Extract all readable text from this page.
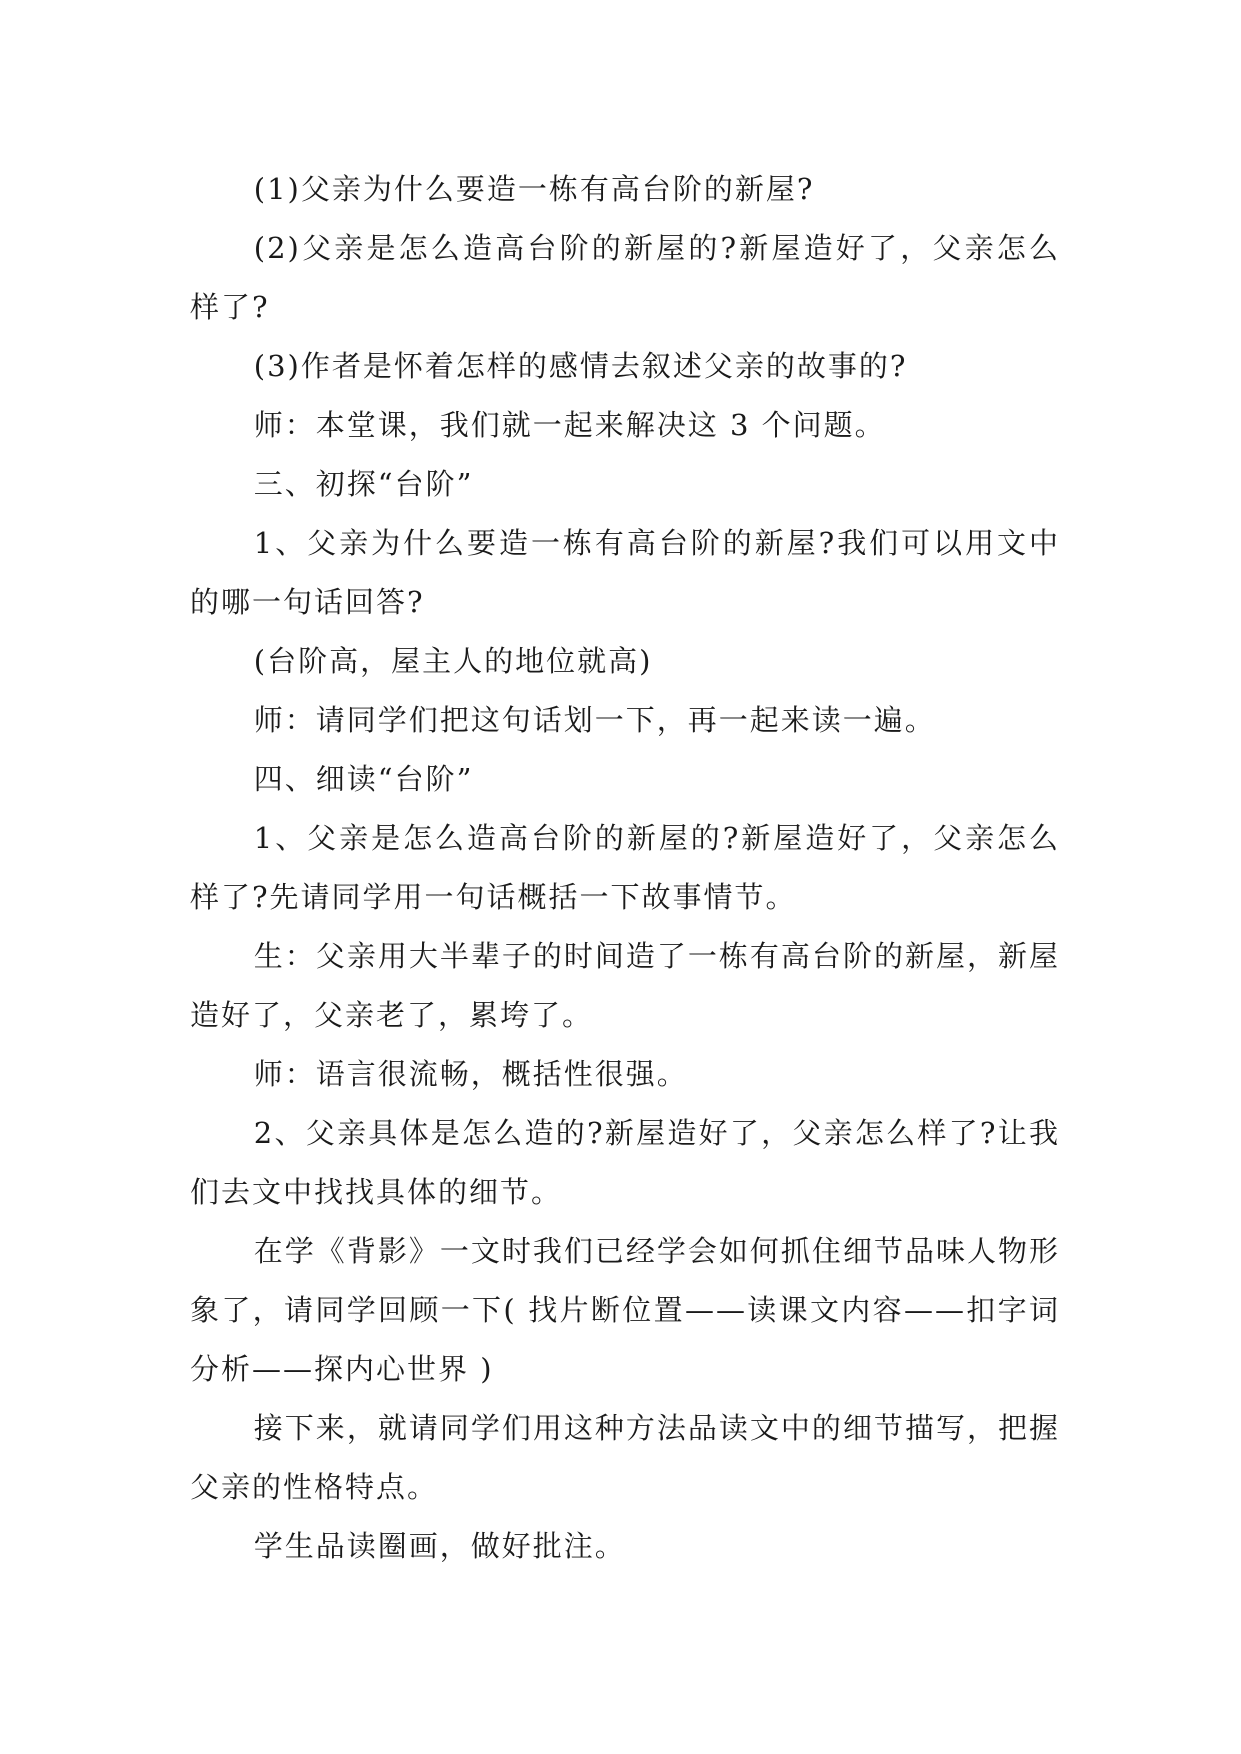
(1)父亲为什么要造一栋有高台阶的新屋?

(2)父亲是怎么造高台阶的新屋的?新屋造好了，父亲怎么样了?

(3)作者是怀着怎样的感情去叙述父亲的故事的?

师：本堂课，我们就一起来解决这 3 个问题。

三、初探“台阶”

1、父亲为什么要造一栋有高台阶的新屋?我们可以用文中的哪一句话回答?

(台阶高，屋主人的地位就高)

师：请同学们把这句话划一下，再一起来读一遍。

四、细读“台阶”

1、父亲是怎么造高台阶的新屋的?新屋造好了，父亲怎么样了?先请同学用一句话概括一下故事情节。

生：父亲用大半辈子的时间造了一栋有高台阶的新屋，新屋造好了，父亲老了，累垮了。

师：语言很流畅，概括性很强。

2、父亲具体是怎么造的?新屋造好了，父亲怎么样了?让我们去文中找找具体的细节。

在学《背影》一文时我们已经学会如何抓住细节品味人物形象了，请同学回顾一下( 找片断位置——读课文内容——扣字词分析——探内心世界 )

接下来，就请同学们用这种方法品读文中的细节描写，把握父亲的性格特点。

学生品读圈画，做好批注。
